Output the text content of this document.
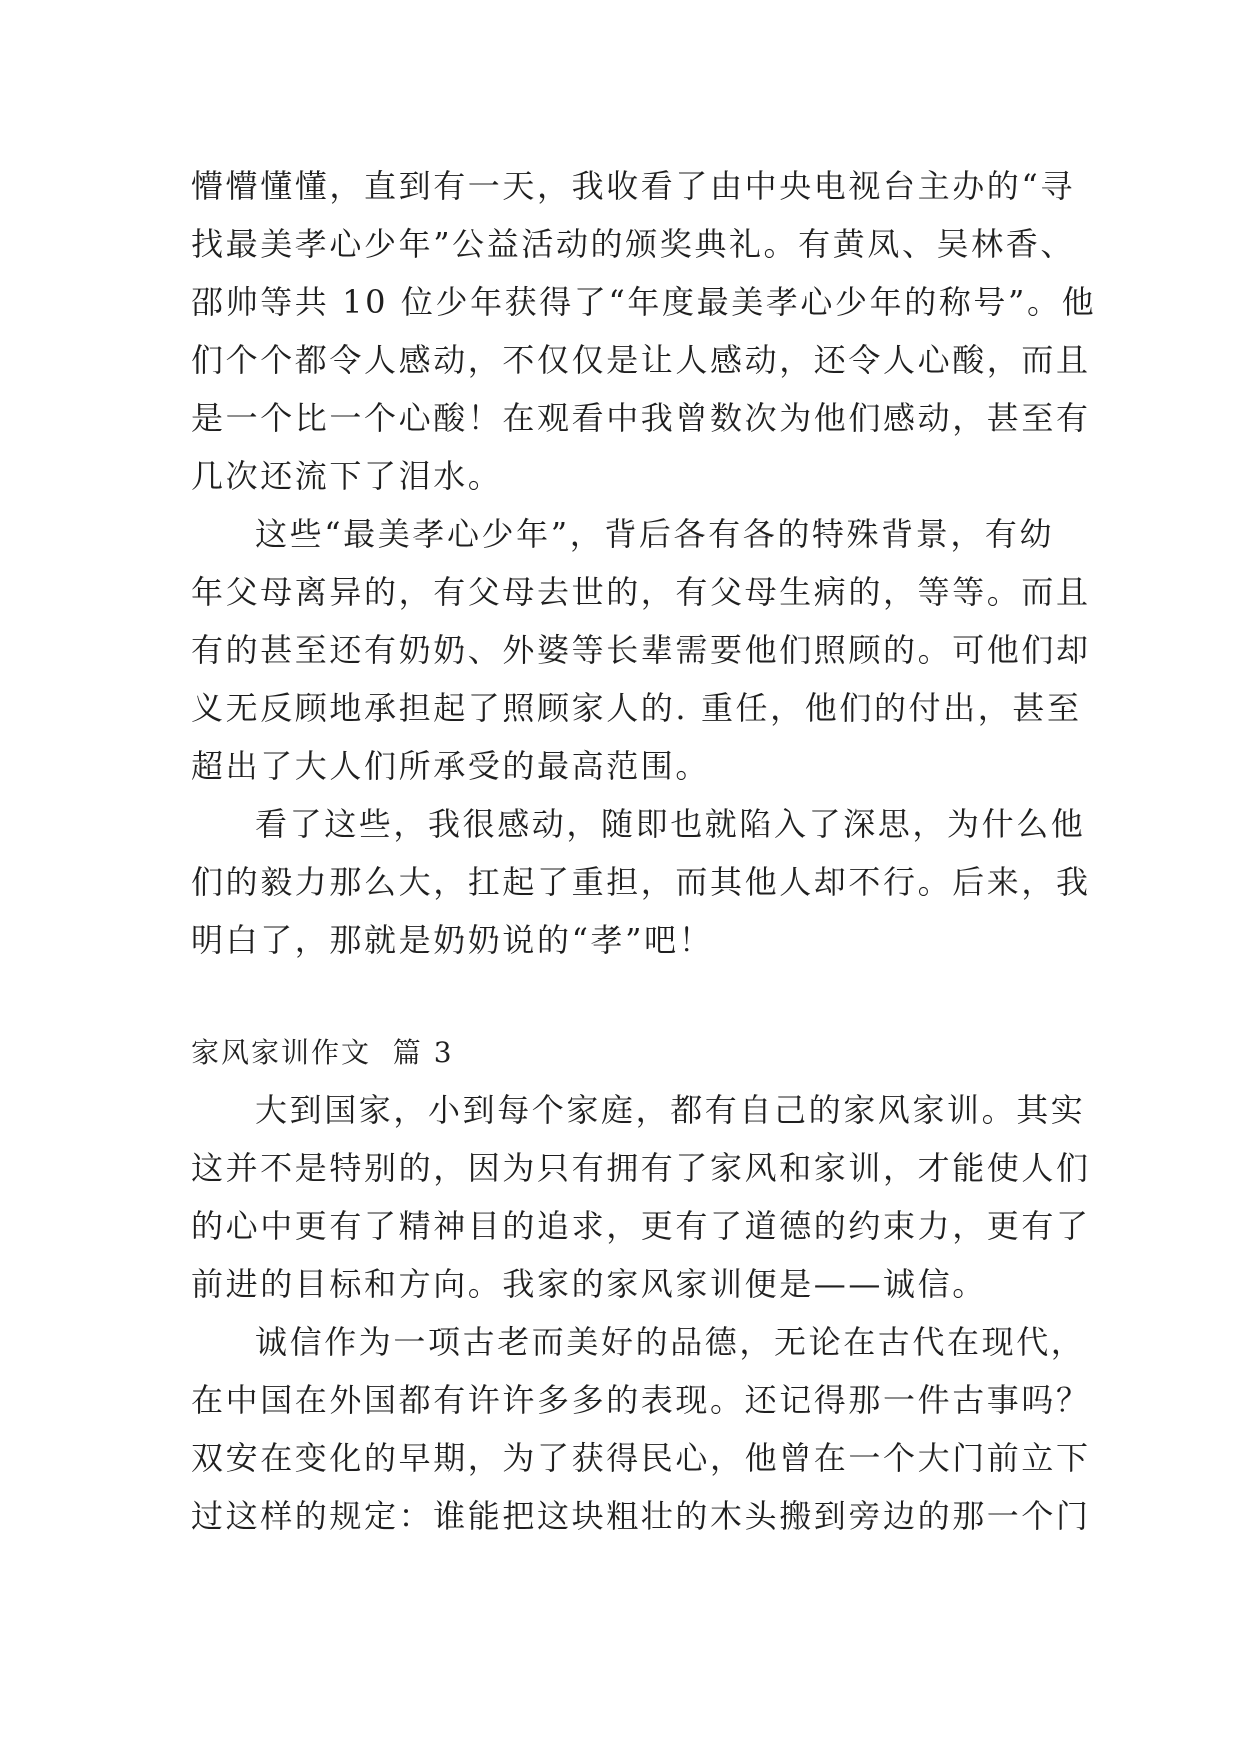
懵懵懂懂，直到有一天，我收看了由中央电视台主办的“寻
找最美孝心少年”公益活动的颁奖典礼。有黄凤、吴林香、
邵帅等共 10 位少年获得了“年度最美孝心少年的称号”。他
们个个都令人感动，不仅仅是让人感动，还令人心酸，而且
是一个比一个心酸！在观看中我曾数次为他们感动，甚至有
几次还流下了泪水。
这些“最美孝心少年”，背后各有各的特殊背景，有幼
年父母离异的，有父母去世的，有父母生病的，等等。而且
有的甚至还有奶奶、外婆等长辈需要他们照顾的。可他们却
义无反顾地承担起了照顾家人的. 重任，他们的付出，甚至
超出了大人们所承受的最高范围。
看了这些，我很感动，随即也就陷入了深思，为什么他
们的毅力那么大，扛起了重担，而其他人却不行。后来，我
明白了，那就是奶奶说的“孝”吧！
家风家训作文  篇 3
大到国家，小到每个家庭，都有自己的家风家训。其实
这并不是特别的，因为只有拥有了家风和家训，才能使人们
的心中更有了精神目的追求，更有了道德的约束力，更有了
前进的目标和方向。我家的家风家训便是——诚信。
诚信作为一项古老而美好的品德，无论在古代在现代，
在中国在外国都有许许多多的表现。还记得那一件古事吗？
双安在变化的早期，为了获得民心，他曾在一个大门前立下
过这样的规定：谁能把这块粗壮的木头搬到旁边的那一个门
